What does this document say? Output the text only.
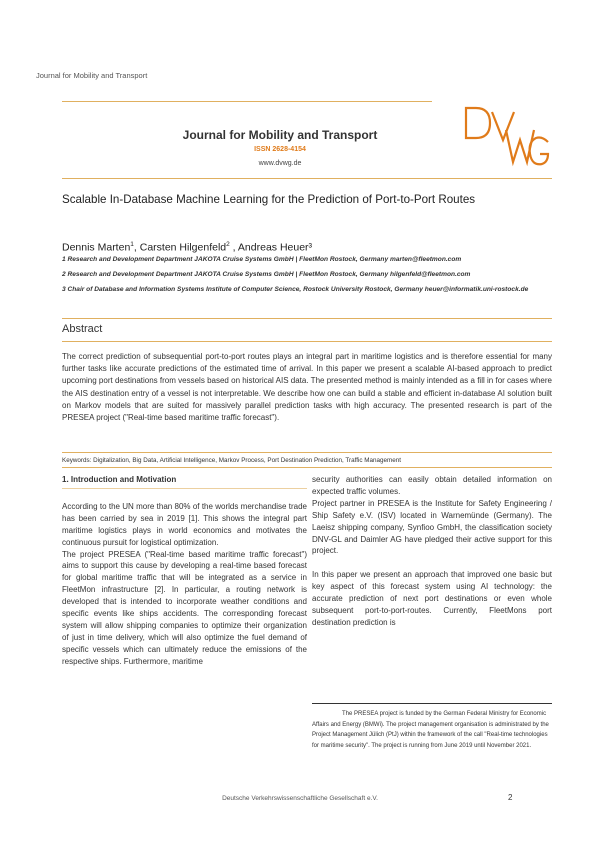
Journal for Mobility and Transport
Journal for Mobility and Transport
ISSN 2628-4154
www.dvwg.de
Scalable In-Database Machine Learning for the Prediction of Port-to-Port Routes
Dennis Marten$^1$, Carsten Hilgenfeld$^2$ , Andreas Heuer³
1 Research and Development Department JAKOTA Cruise Systems GmbH | FleetMon Rostock, Germany marten@fleetmon.com
2 Research and Development Department JAKOTA Cruise Systems GmbH | FleetMon Rostock, Germany hilgenfeld@fleetmon.com
3 Chair of Database and Information Systems Institute of Computer Science, Rostock University Rostock, Germany heuer@informatik.uni-rostock.de
Abstract
The correct prediction of subsequential port-to-port routes plays an integral part in maritime logistics and is therefore essential for many further tasks like accurate predictions of the estimated time of arrival. In this paper we present a scalable AI-based approach to predict upcoming port destinations from vessels based on historical AIS data. The presented method is mainly intended as a fill in for cases where the AIS destination entry of a vessel is not interpretable. We describe how one can build a stable and efficient in-database AI solution built on Markov models that are suited for massively parallel prediction tasks with high accuracy. The presented research is part of the PRESEA project ("Real-time based maritime traffic forecast").
Keywords: Digitalization, Big Data, Artificial Intelligence, Markov Process, Port Destination Prediction, Traffic Management

1. Introduction and Motivation

According to the UN more than 80% of the worlds merchandise trade has been carried by sea in 2019 [1]. This shows the integral part maritime logistics plays in world economics and motivates the continuous pursuit for logistical optimization.

The project PRESEA ("Real-time based maritime traffic forecast") aims to support this cause by developing a real-time based forecast for global maritime traffic that will be integrated as a service in FleetMon infrastructure [2]. In particular, a routing network is developed that is intended to incorporate weather conditions and specific events like ships accidents. The corresponding forecast system will allow shipping companies to optimize their organization of just in time delivery, which will also optimize the fuel demand of specific vessels which can ultimately reduce the emissions of the respective ships. Furthermore, maritime

security authorities can easily obtain detailed information on expected traffic volumes.

Project partner in PRESEA is the Institute for Safety Engineering / Ship Safety e.V. (ISV) located in Warnemünde (Germany). The Laeisz shipping company, Synfioo GmbH, the classification society DNV-GL and Daimler AG have pledged their active support for this project.

In this paper we present an approach that improved one basic but key aspect of this forecast system using AI technology: the accurate prediction of next port destinations or even whole subsequent port-to-port-routes. Currently, FleetMons port destination prediction is

The PRESEA project is funded by the German Federal Ministry for Economic Affairs and Energy (BMWi). The project management organisation is administrated by the Project Management Jülich (PtJ) within the framework of the call "Real-time technologies for maritime security". The project is running from June 2019 until November 2021.
Deutsche Verkehrswissenschaftliche Gesellschaft e.V.	2
